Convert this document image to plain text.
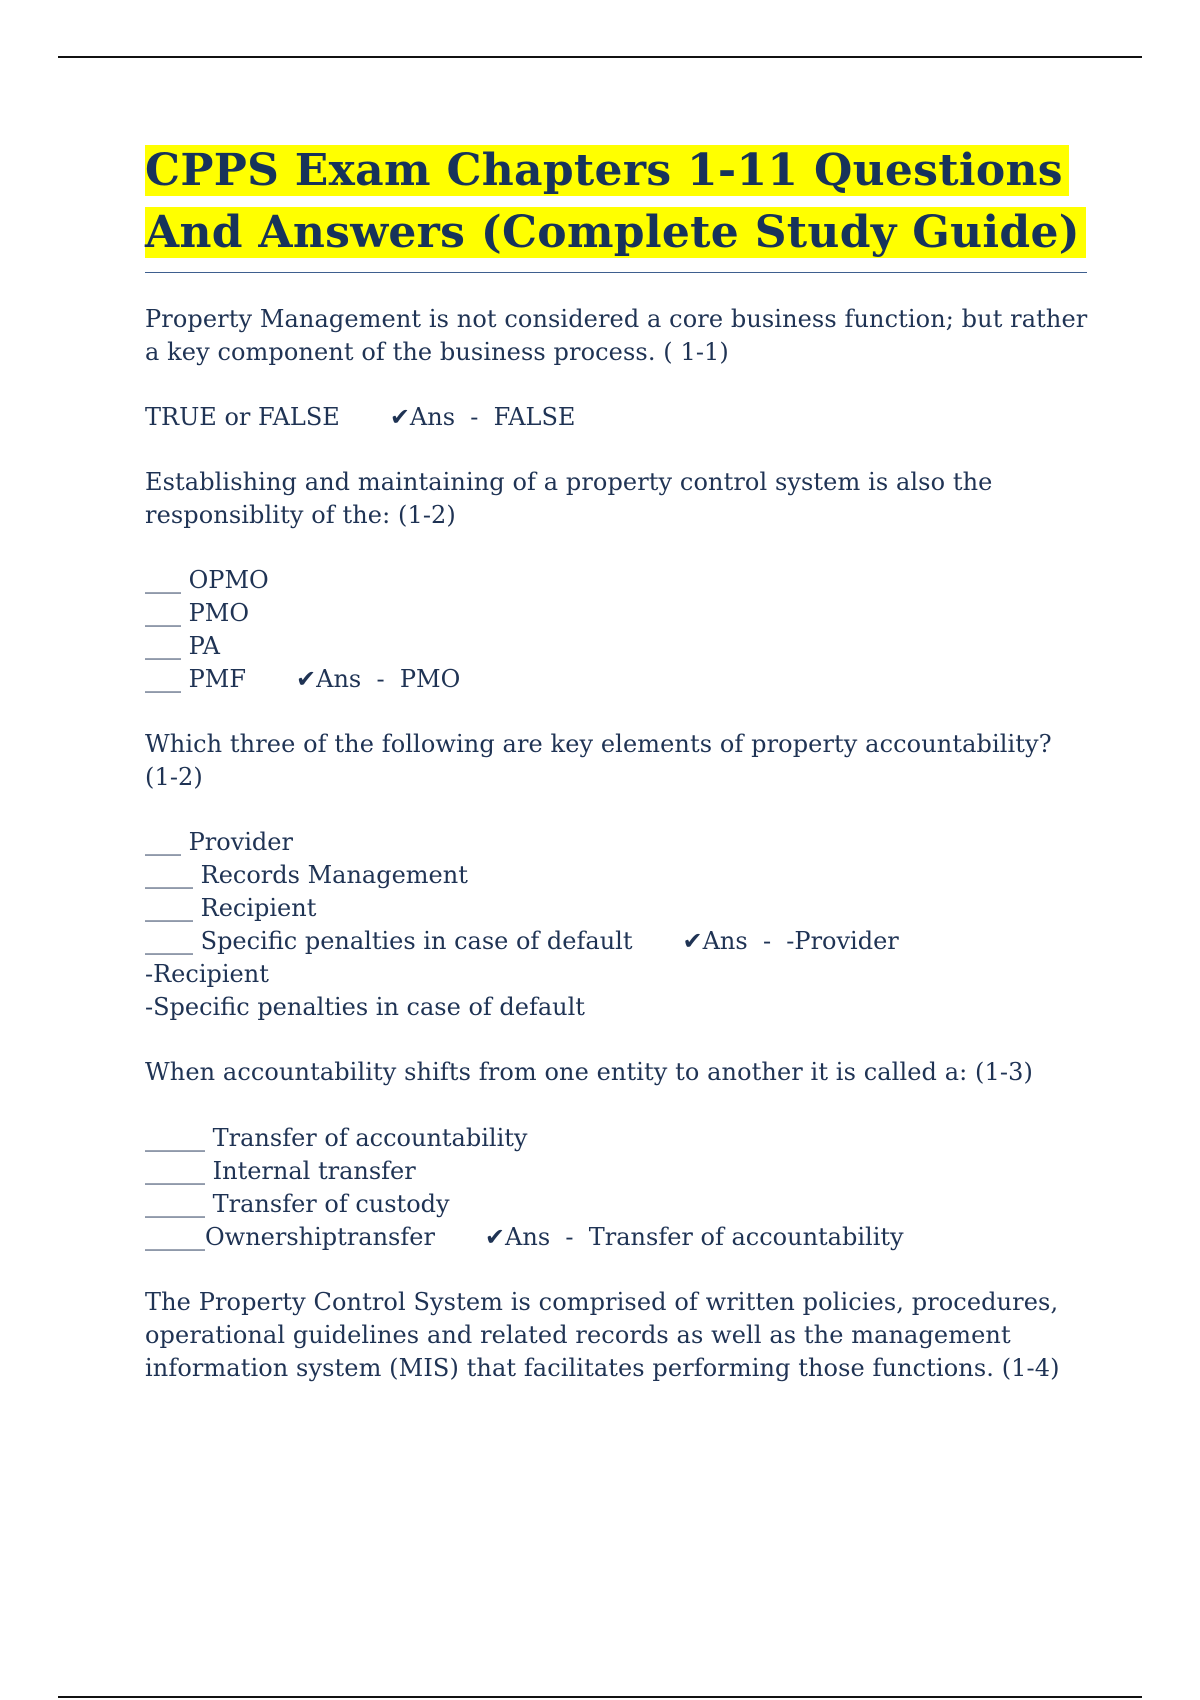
CPPS Exam Chapters 1-11 Questions
And Answers (Complete Study Guide)

Property Management is not considered a core business function; but rather a key component of the business process. ( 1-1)

TRUE or FALSE ✔Ans  -  FALSE

Establishing and maintaining of a property control system is also the responsiblity of the: (1-2)

___ OPMO
___ PMO
___ PA
___ PMF ✔Ans  -  PMO

Which three of the following are key elements of property accountability? (1-2)

___ Provider
____ Records Management
____ Recipient
____ Specific penalties in case of default ✔Ans  -  -Provider
-Recipient
-Specific penalties in case of default

When accountability shifts from one entity to another it is called a: (1-3)

_____ Transfer of accountability
_____ Internal transfer
_____ Transfer of custody
_____Ownershiptransfer ✔Ans  -  Transfer of accountability

The Property Control System is comprised of written policies, procedures, operational guidelines and related records as well as the management information system (MIS) that facilitates performing those functions. (1-4)
